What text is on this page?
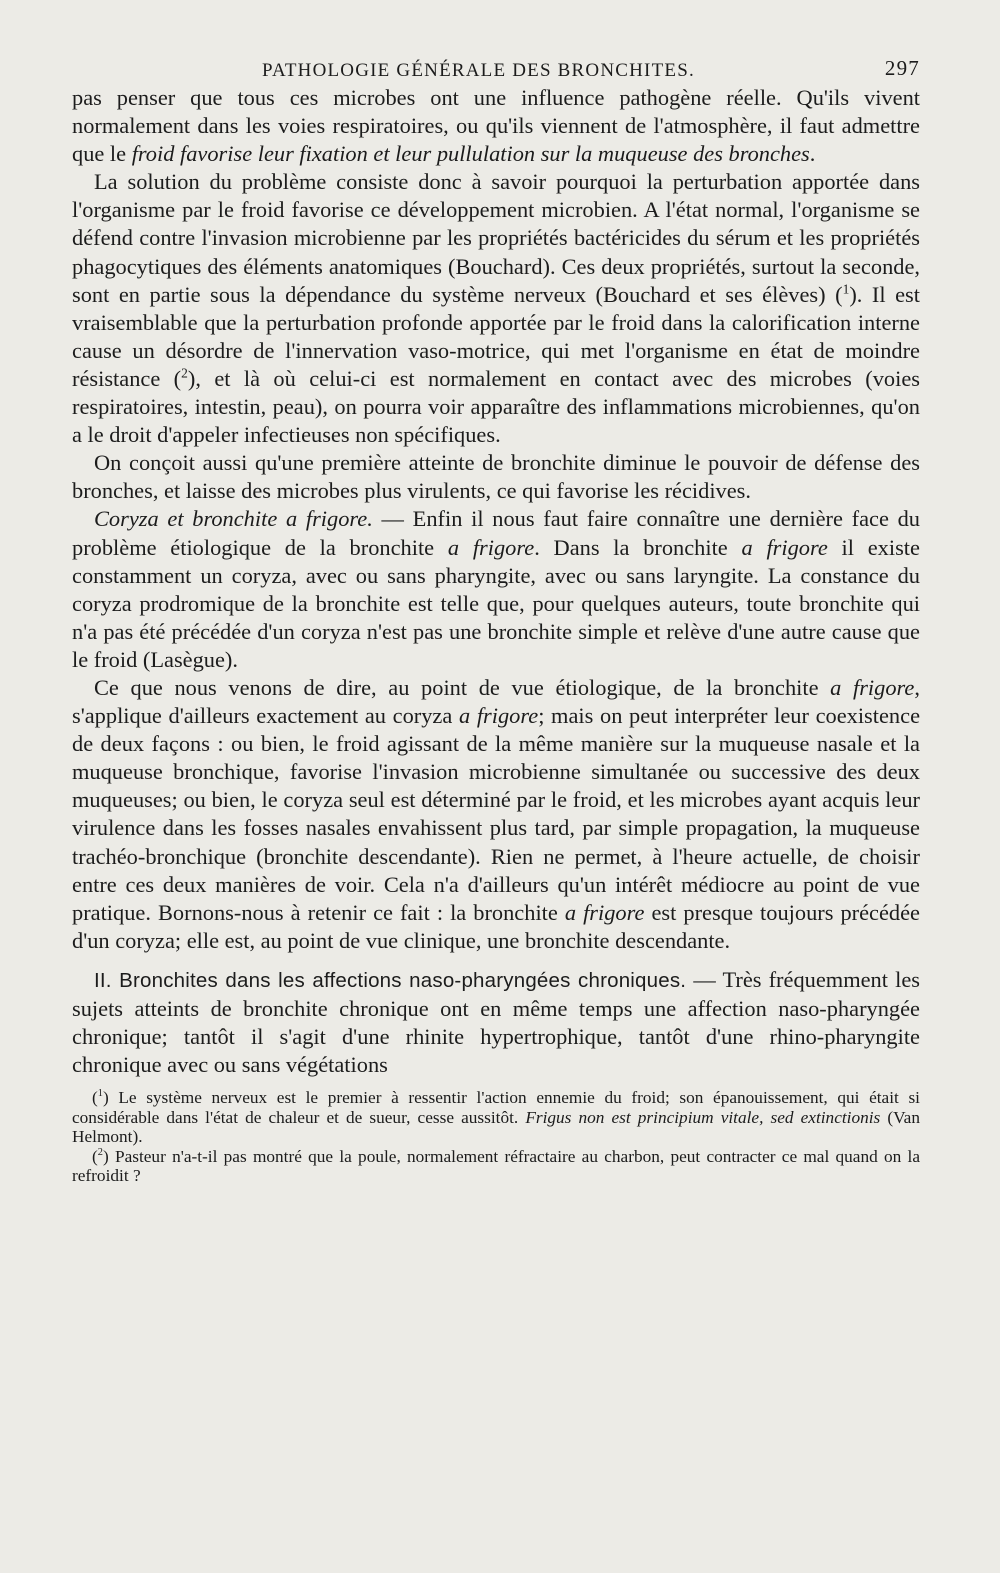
PATHOLOGIE GÉNÉRALE DES BRONCHITES.	297

pas penser que tous ces microbes ont une influence pathogène réelle. Qu'ils vivent normalement dans les voies respiratoires, ou qu'ils viennent de l'atmosphère, il faut admettre que le froid favorise leur fixation et leur pullulation sur la muqueuse des bronches.

La solution du problème consiste donc à savoir pourquoi la perturbation apportée dans l'organisme par le froid favorise ce développement microbien. A l'état normal, l'organisme se défend contre l'invasion microbienne par les propriétés bactéricides du sérum et les propriétés phagocytiques des éléments anatomiques (Bouchard). Ces deux propriétés, surtout la seconde, sont en partie sous la dépendance du système nerveux (Bouchard et ses élèves) ($^1$). Il est vraisemblable que la perturbation profonde apportée par le froid dans la calorification interne cause un désordre de l'innervation vaso-motrice, qui met l'organisme en état de moindre résistance ($^2$), et là où celui-ci est normalement en contact avec des microbes (voies respiratoires, intestin, peau), on pourra voir apparaître des inflammations microbiennes, qu'on a le droit d'appeler infectieuses non spécifiques.

On conçoit aussi qu'une première atteinte de bronchite diminue le pouvoir de défense des bronches, et laisse des microbes plus virulents, ce qui favorise les récidives.

Coryza et bronchite a frigore. — Enfin il nous faut faire connaître une dernière face du problème étiologique de la bronchite a frigore. Dans la bronchite a frigore il existe constamment un coryza, avec ou sans pharyngite, avec ou sans laryngite. La constance du coryza prodromique de la bronchite est telle que, pour quelques auteurs, toute bronchite qui n'a pas été précédée d'un coryza n'est pas une bronchite simple et relève d'une autre cause que le froid (Lasègue).

Ce que nous venons de dire, au point de vue étiologique, de la bronchite a frigore, s'applique d'ailleurs exactement au coryza a frigore; mais on peut interpréter leur coexistence de deux façons : ou bien, le froid agissant de la même manière sur la muqueuse nasale et la muqueuse bronchique, favorise l'invasion microbienne simultanée ou successive des deux muqueuses; ou bien, le coryza seul est déterminé par le froid, et les microbes ayant acquis leur virulence dans les fosses nasales envahissent plus tard, par simple propagation, la muqueuse trachéo-bronchique (bronchite descendante). Rien ne permet, à l'heure actuelle, de choisir entre ces deux manières de voir. Cela n'a d'ailleurs qu'un intérêt médiocre au point de vue pratique. Bornons-nous à retenir ce fait : la bronchite a frigore est presque toujours précédée d'un coryza; elle est, au point de vue clinique, une bronchite descendante.

II. Bronchites dans les affections naso-pharyngées chroniques. — Très fréquemment les sujets atteints de bronchite chronique ont en même temps une affection naso-pharyngée chronique; tantôt il s'agit d'une rhinite hypertrophique, tantôt d'une rhino-pharyngite chronique avec ou sans végétations

($^1$) Le système nerveux est le premier à ressentir l'action ennemie du froid; son épanouissement, qui était si considérable dans l'état de chaleur et de sueur, cesse aussitôt. Frigus non est principium vitale, sed extinctionis (Van Helmont).

($^2$) Pasteur n'a-t-il pas montré que la poule, normalement réfractaire au charbon, peut contracter ce mal quand on la refroidit ?
